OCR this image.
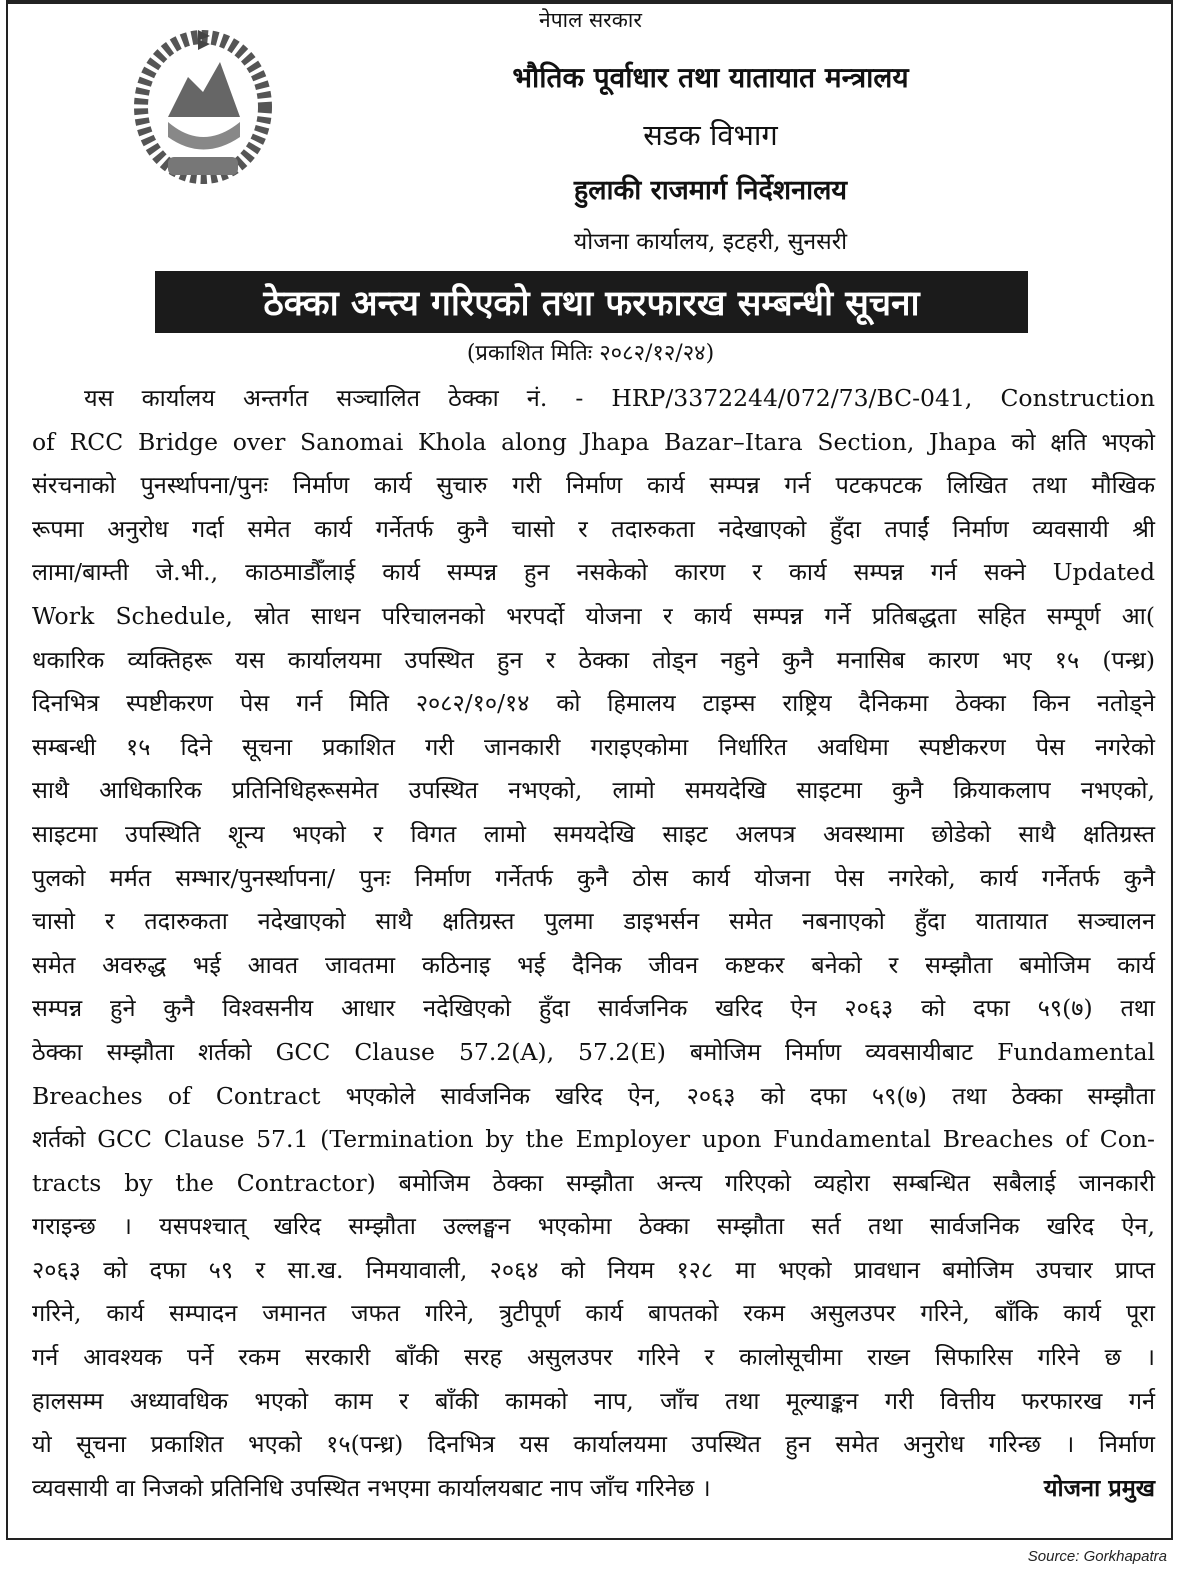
नेपाल सरकार
भौतिक पूर्वाधार तथा यातायात मन्त्रालय
सडक विभाग
हुलाकी राजमार्ग निर्देशनालय
योजना कार्यालय, इटहरी, सुनसरी
ठेक्का अन्त्य गरिएको तथा फरफारख सम्बन्धी सूचना
(प्रकाशित मितिः २०८२/१२/२४)
यस कार्यालय अन्तर्गत सञ्चालित ठेक्का नं. - HRP/3372244/072/73/BC-041, Construction
of RCC Bridge over Sanomai Khola along Jhapa Bazar–Itara Section, Jhapa को क्षति भएको
संरचनाको पुनर्स्थापना/पुनः निर्माण कार्य सुचारु गरी निर्माण कार्य सम्पन्न गर्न पटकपटक लिखित तथा मौखिक
रूपमा अनुरोध गर्दा समेत कार्य गर्नेतर्फ कुनै चासो र तदारुकता नदेखाएको हुँदा तपाईं निर्माण व्यवसायी श्री
लामा/बाम्ती जे.भी., काठमाडौँलाई कार्य सम्पन्न हुन नसकेको कारण र कार्य सम्पन्न गर्न सक्ने Updated
Work Schedule, स्रोत साधन परिचालनको भरपर्दो योजना र कार्य सम्पन्न गर्ने प्रतिबद्धता सहित सम्पूर्ण आ(
धकारिक व्यक्तिहरू यस कार्यालयमा उपस्थित हुन र ठेक्का तोड्न नहुने कुनै मनासिब कारण भए १५ (पन्ध्र)
दिनभित्र स्पष्टीकरण पेस गर्न मिति २०८२/१०/१४ को हिमालय टाइम्स राष्ट्रिय दैनिकमा ठेक्का किन नतोड्ने
सम्बन्धी १५ दिने सूचना प्रकाशित गरी जानकारी गराइएकोमा निर्धारित अवधिमा स्पष्टीकरण पेस नगरेको
साथै आधिकारिक प्रतिनिधिहरूसमेत उपस्थित नभएको, लामो समयदेखि साइटमा कुनै क्रियाकलाप नभएको,
साइटमा उपस्थिति शून्य भएको र विगत लामो समयदेखि साइट अलपत्र अवस्थामा छोडेको साथै क्षतिग्रस्त
पुलको मर्मत सम्भार/पुनर्स्थापना/ पुनः निर्माण गर्नेतर्फ कुनै ठोस कार्य योजना पेस नगरेको, कार्य गर्नेतर्फ कुनै
चासो र तदारुकता नदेखाएको साथै क्षतिग्रस्त पुलमा डाइभर्सन समेत नबनाएको हुँदा यातायात सञ्चालन
समेत अवरुद्ध भई आवत जावतमा कठिनाइ भई दैनिक जीवन कष्टकर बनेको र सम्झौता बमोजिम कार्य
सम्पन्न हुने कुनै विश्वसनीय आधार नदेखिएको हुँदा सार्वजनिक खरिद ऐन २०६३ को दफा ५९(७) तथा
ठेक्का सम्झौता शर्तको GCC Clause 57.2(A), 57.2(E) बमोजिम निर्माण व्यवसायीबाट Fundamental
Breaches of Contract भएकोले सार्वजनिक खरिद ऐन, २०६३ को दफा ५९(७) तथा ठेक्का सम्झौता
शर्तको GCC Clause 57.1 (Termination by the Employer upon Fundamental Breaches of Con-
tracts by the Contractor) बमोजिम ठेक्का सम्झौता अन्त्य गरिएको व्यहोरा सम्बन्धित सबैलाई जानकारी
गराइन्छ । यसपश्चात् खरिद सम्झौता उल्लङ्घन भएकोमा ठेक्का सम्झौता सर्त तथा सार्वजनिक खरिद ऐन,
२०६३ को दफा ५९ र सा.ख. निमयावाली, २०६४ को नियम १२८ मा भएको प्रावधान बमोजिम उपचार प्राप्त
गरिने, कार्य सम्पादन जमानत जफत गरिने, त्रुटीपूर्ण कार्य बापतको रकम असुलउपर गरिने, बाँकि कार्य पूरा
गर्न आवश्यक पर्ने रकम सरकारी बाँकी सरह असुलउपर गरिने र कालोसूचीमा राख्न सिफारिस गरिने छ ।
हालसम्म अध्यावधिक भएको काम र बाँकी कामको नाप, जाँच तथा मूल्याङ्कन गरी वित्तीय फरफारख गर्न
यो सूचना प्रकाशित भएको १५(पन्ध्र) दिनभित्र यस कार्यालयमा उपस्थित हुन समेत अनुरोध गरिन्छ । निर्माण
व्यवसायी वा निजको प्रतिनिधि उपस्थित नभएमा कार्यालयबाट नाप जाँच गरिनेछ ।	योजना प्रमुख
Source: Gorkhapatra
